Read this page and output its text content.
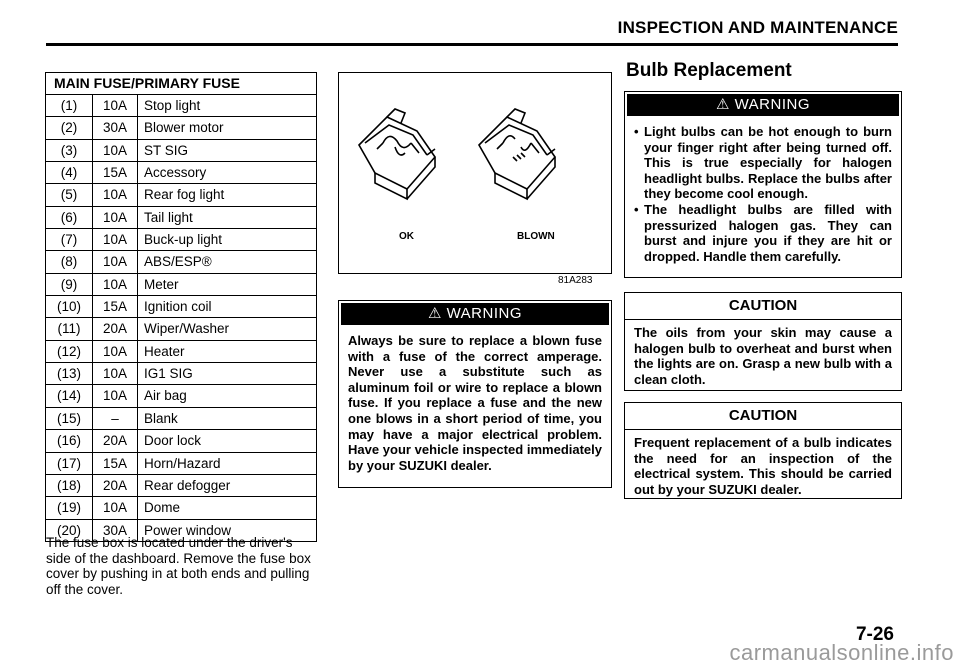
INSPECTION AND MAINTENANCE
MAIN FUSE/PRIMARY FUSE
(1)	10A	Stop light
(2)	30A	Blower motor
(3)	10A	ST SIG
(4)	15A	Accessory
(5)	10A	Rear fog light
(6)	10A	Tail light
(7)	10A	Buck-up light
(8)	10A	ABS/ESP®
(9)	10A	Meter
(10)	15A	Ignition coil
(11)	20A	Wiper/Washer
(12)	10A	Heater
(13)	10A	IG1 SIG
(14)	10A	Air bag
(15)	–	Blank
(16)	20A	Door lock
(17)	15A	Horn/Hazard
(18)	20A	Rear defogger
(19)	10A	Dome
(20)	30A	Power window
The fuse box is located under the driver's side of the dashboard. Remove the fuse box cover by pushing in at both ends and pulling off the cover.
OK	BLOWN
81A283
⚠ WARNING
Always be sure to replace a blown fuse with a fuse of the correct amperage. Never use a substitute such as aluminum foil or wire to replace a blown fuse. If you replace a fuse and the new one blows in a short period of time, you may have a major electrical problem. Have your vehicle inspected immediately by your SUZUKI dealer.
Bulb Replacement
⚠ WARNING
• Light bulbs can be hot enough to burn your finger right after being turned off. This is true especially for halogen headlight bulbs. Replace the bulbs after they become cool enough.
• The headlight bulbs are filled with pressurized halogen gas. They can burst and injure you if they are hit or dropped. Handle them carefully.
CAUTION
The oils from your skin may cause a halogen bulb to overheat and burst when the lights are on. Grasp a new bulb with a clean cloth.
CAUTION
Frequent replacement of a bulb indicates the need for an inspection of the electrical system. This should be carried out by your SUZUKI dealer.
7-26
carmanualsonline.info
